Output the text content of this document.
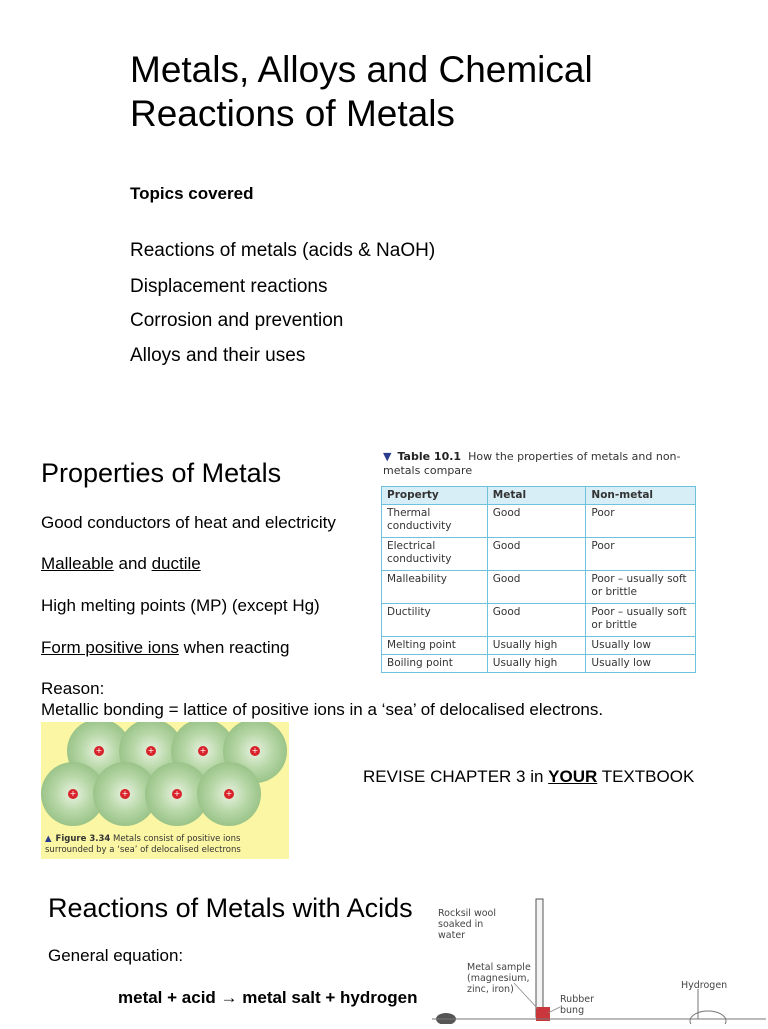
Metals, Alloys and Chemical Reactions of Metals
Topics covered
Reactions of metals (acids & NaOH)
Displacement reactions
Corrosion and prevention
Alloys and their uses
Properties of Metals
Good conductors of heat and electricity
Malleable and ductile
High melting points (MP) (except Hg)
Form positive ions when reacting
Reason:
Metallic bonding = lattice of positive ions in a ‘sea’ of delocalised electrons.
▼ Table 10.1 How the properties of metals and non-metals compare
Property	Metal	Non-metal
Thermal conductivity	Good	Poor
Electrical conductivity	Good	Poor
Malleability	Good	Poor – usually soft or brittle
Ductility	Good	Poor – usually soft or brittle
Melting point	Usually high	Usually low
Boiling point	Usually high	Usually low
+	+	+	+
+	+	+	+
▲ Figure 3.34 Metals consist of positive ions surrounded by a ‘sea’ of delocalised electrons
REVISE CHAPTER 3 in YOUR TEXTBOOK
Reactions of Metals with Acids
General equation:
metal + acid → metal salt + hydrogen
Rocksil wool soaked in water
Metal sample (magnesium, zinc, iron)
Rubber bung
Hydrogen
